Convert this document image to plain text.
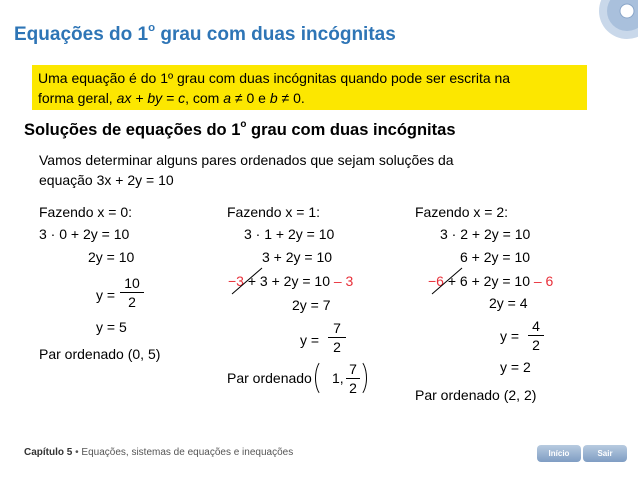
Equações do 1$^o$ grau com duas incógnitas

Uma equação é do 1º grau com duas incógnitas quando pode ser escrita na
forma geral, ax + by = c, com a ≠ 0 e b ≠ 0.

Soluções de equações do 1$^o$ grau com duas incógnitas
Vamos determinar alguns pares ordenados que sejam soluções da
equação 3x + 2y = 10
Fazendo x = 0:
3 · 0 + 2y = 10
2y = 10
y =
10
2
y = 5
Par ordenado (0, 5)
Fazendo x = 1:
3 · 1 + 2y = 10
3 + 2y = 10
−3 + 3 + 2y = 10 – 3
2y = 7
y =
7
2
Par ordenado 1,
7
2
Fazendo x = 2:
3 · 2 + 2y = 10
6 + 2y = 10
−6 + 6 + 2y = 10 – 6
2y = 4
y =
4
2
y = 2
Par ordenado (2, 2)
Capítulo 5 • Equações, sistemas de equações e inequações	Início	Sair
